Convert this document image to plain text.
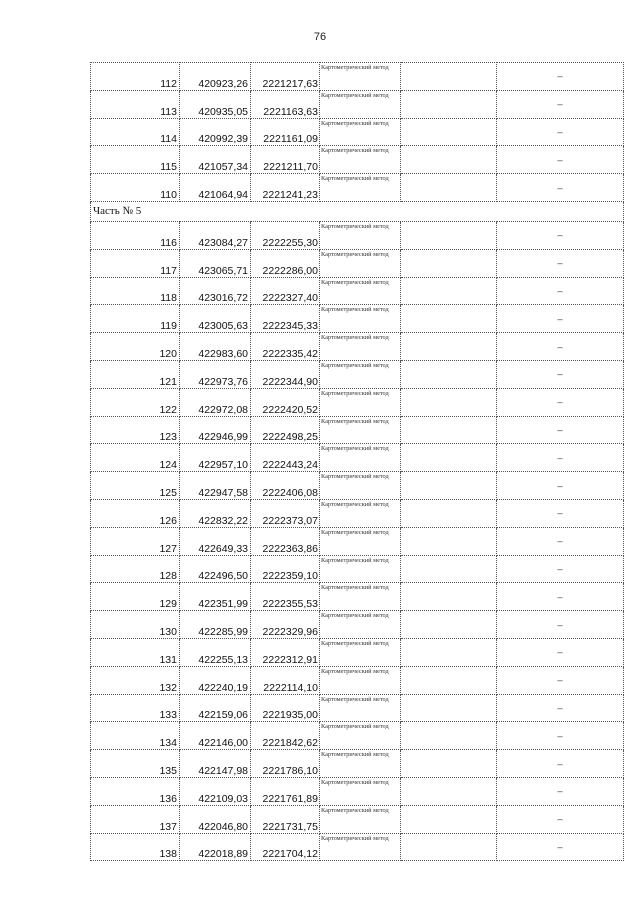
76
112	420923,26	2221217,63	Картометрический метод		–
113	420935,05	2221163,63	Картометрический метод		–
114	420992,39	2221161,09	Картометрический метод		–
115	421057,34	2221211,70	Картометрический метод		–
110	421064,94	2221241,23	Картометрический метод		–
Часть № 5					
116	423084,27	2222255,30	Картометрический метод		–
117	423065,71	2222286,00	Картометрический метод		–
118	423016,72	2222327,40	Картометрический метод		–
119	423005,63	2222345,33	Картометрический метод		–
120	422983,60	2222335,42	Картометрический метод		–
121	422973,76	2222344,90	Картометрический метод		–
122	422972,08	2222420,52	Картометрический метод		–
123	422946,99	2222498,25	Картометрический метод		–
124	422957,10	2222443,24	Картометрический метод		–
125	422947,58	2222406,08	Картометрический метод		–
126	422832,22	2222373,07	Картометрический метод		–
127	422649,33	2222363,86	Картометрический метод		–
128	422496,50	2222359,10	Картометрический метод		–
129	422351,99	2222355,53	Картометрический метод		–
130	422285,99	2222329,96	Картометрический метод		–
131	422255,13	2222312,91	Картометрический метод		–
132	422240,19	2222114,10	Картометрический метод		–
133	422159,06	2221935,00	Картометрический метод		–
134	422146,00	2221842,62	Картометрический метод		–
135	422147,98	2221786,10	Картометрический метод		–
136	422109,03	2221761,89	Картометрический метод		–
137	422046,80	2221731,75	Картометрический метод		–
138	422018,89	2221704,12	Картометрический метод		–
